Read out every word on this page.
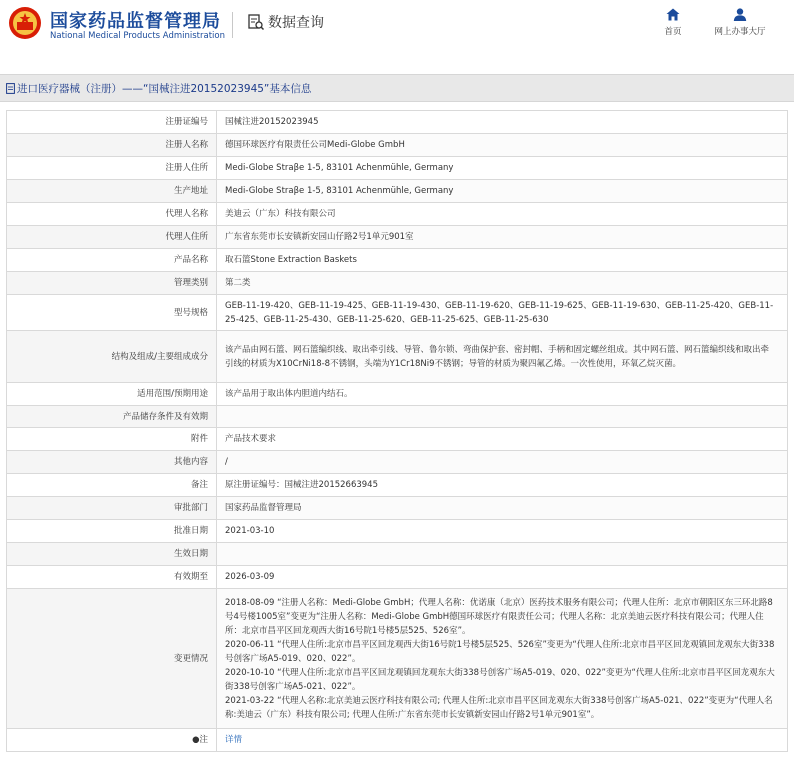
国家药品监督管理局
National Medical Products Administration
数据查询
首页	网上办事大厅
进口医疗器械（注册）——“国械注进20152023945”基本信息
注册证编号	国械注进20152023945
注册人名称	德国环球医疗有限责任公司Medi-Globe GmbH
注册人住所	Medi-Globe Straβe 1-5, 83101 Achenmühle, Germany
生产地址	Medi-Globe Straβe 1-5, 83101 Achenmühle, Germany
代理人名称	美迪云（广东）科技有限公司
代理人住所	广东省东莞市长安镇新安园山仔路2号1单元901室
产品名称	取石篮Stone Extraction Baskets
管理类别	第二类
型号规格	GEB-11-19-420、GEB-11-19-425、GEB-11-19-430、GEB-11-19-620、GEB-11-19-625、GEB-11-19-630、GEB-11-25-420、GEB-11-25-425、GEB-11-25-430、GEB-11-25-620、GEB-11-25-625、GEB-11-25-630
结构及组成/主要组成成分	该产品由网石篮、网石篮编织线、取出牵引线、导管、鲁尔锁、弯曲保护套、密封帽、手柄和固定螺丝组成。其中网石篮、网石篮编织线和取出牵引线的材质为X10CrNi18-8不锈钢，头端为Y1Cr18Ni9不锈钢；导管的材质为聚四氟乙烯。一次性使用，环氧乙烷灭菌。
适用范围/预期用途	该产品用于取出体内胆道内结石。
产品储存条件及有效期	
附件	产品技术要求
其他内容	/
备注	原注册证编号：国械注进20152663945
审批部门	国家药品监督管理局
批准日期	2021-03-10
生效日期	
有效期至	2026-03-09
变更情况	2018-08-09 “注册人名称：Medi-Globe GmbH；代理人名称：优诺康（北京）医药技术服务有限公司；代理人住所：北京市朝阳区东三环北路8号4号楼1005室”变更为“注册人名称：Medi-Globe GmbH德国环球医疗有限责任公司；代理人名称：北京美迪云医疗科技有限公司；代理人住所：北京市昌平区回龙观西大街16号院1号楼5层525、526室”。
2020-06-11 “代理人住所:北京市昌平区回龙观西大街16号院1号楼5层525、526室”变更为“代理人住所:北京市昌平区回龙观镇回龙观东大街338号创客广场A5-019、020、022”。
2020-10-10 “代理人住所:北京市昌平区回龙观镇回龙观东大街338号创客广场A5-019、020、022”变更为“代理人住所:北京市昌平区回龙观东大街338号创客广场A5-021、022”。
2021-03-22 “代理人名称:北京美迪云医疗科技有限公司; 代理人住所:北京市昌平区回龙观东大街338号创客广场A5-021、022”变更为“代理人名称:美迪云（广东）科技有限公司; 代理人住所:广东省东莞市长安镇新安园山仔路2号1单元901室”。

●注	详情
